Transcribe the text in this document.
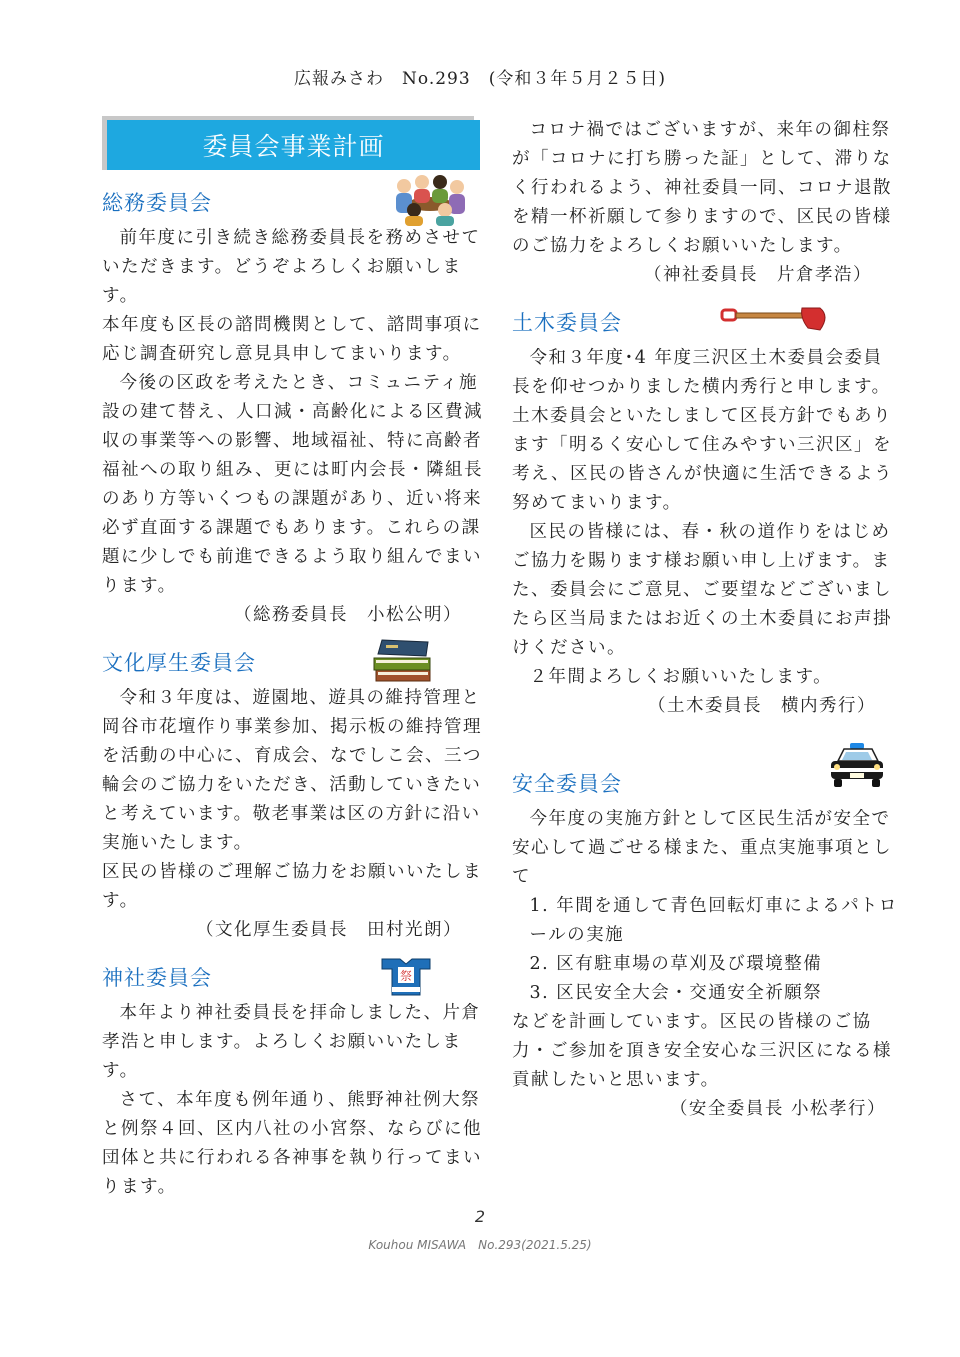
広報みさわ　No.293　(令和３年５月２５日)
委員会事業計画
総務委員会

前年度に引き続き総務委員長を務めさせていただきます。どうぞよろしくお願いします。

本年度も区長の諮問機関として、諮問事項に応じ調査研究し意見具申してまいります。

今後の区政を考えたとき、コミュニティ施設の建て替え、人口減・高齢化による区費減収の事業等への影響、地域福祉、特に高齢者福祉への取り組み、更には町内会長・隣組長のあり方等いくつもの課題があり、近い将来必ず直面する課題でもあります。これらの課題に少しでも前進できるよう取り組んでまいります。

（総務委員長　小松公明）

文化厚生委員会

令和３年度は、遊園地、遊具の維持管理と岡谷市花壇作り事業参加、掲示板の維持管理を活動の中心に、育成会、なでしこ会、三つ輪会のご協力をいただき、活動していきたいと考えています。敬老事業は区の方針に沿い実施いたします。

区民の皆様のご理解ご協力をお願いいたします。

（文化厚生委員長　田村光朗）

神社委員会	祭

本年より神社委員長を拝命しました、片倉孝浩と申します。よろしくお願いいたします。

さて、本年度も例年通り、熊野神社例大祭と例祭４回、区内八社の小宮祭、ならびに他団体と共に行われる各神事を執り行ってまいります。

コロナ禍ではございますが、来年の御柱祭が「コロナに打ち勝った証」として、滞りなく行われるよう、神社委員一同、コロナ退散を精一杯祈願して参りますので、区民の皆様のご協力をよろしくお願いいたします。

（神社委員長　片倉孝浩）

土木委員会

令和３年度･4 年度三沢区土木委員会委員長を仰せつかりました横内秀行と申します。土木委員会といたしまして区長方針でもあります「明るく安心して住みやすい三沢区」を考え、区民の皆さんが快適に生活できるよう努めてまいります。

区民の皆様には、春・秋の道作りをはじめご協力を賜ります様お願い申し上げます。また、委員会にご意見、ご要望などございましたら区当局またはお近くの土木委員にお声掛けください。

２年間よろしくお願いいたします。

（土木委員長　横内秀行）

安全委員会

今年度の実施方針として区民生活が安全で安心して過ごせる様また、重点実施事項として

1. 年間を通して青色回転灯車によるパトロールの実施

2. 区有駐車場の草刈及び環境整備

3. 区民安全大会・交通安全祈願祭

などを計画しています。区民の皆様のご協力・ご参加を頂き安全安心な三沢区になる様貢献したいと思います。

（安全委員長 小松孝行）

2
Kouhou MISAWA　No.293(2021.5.25)
